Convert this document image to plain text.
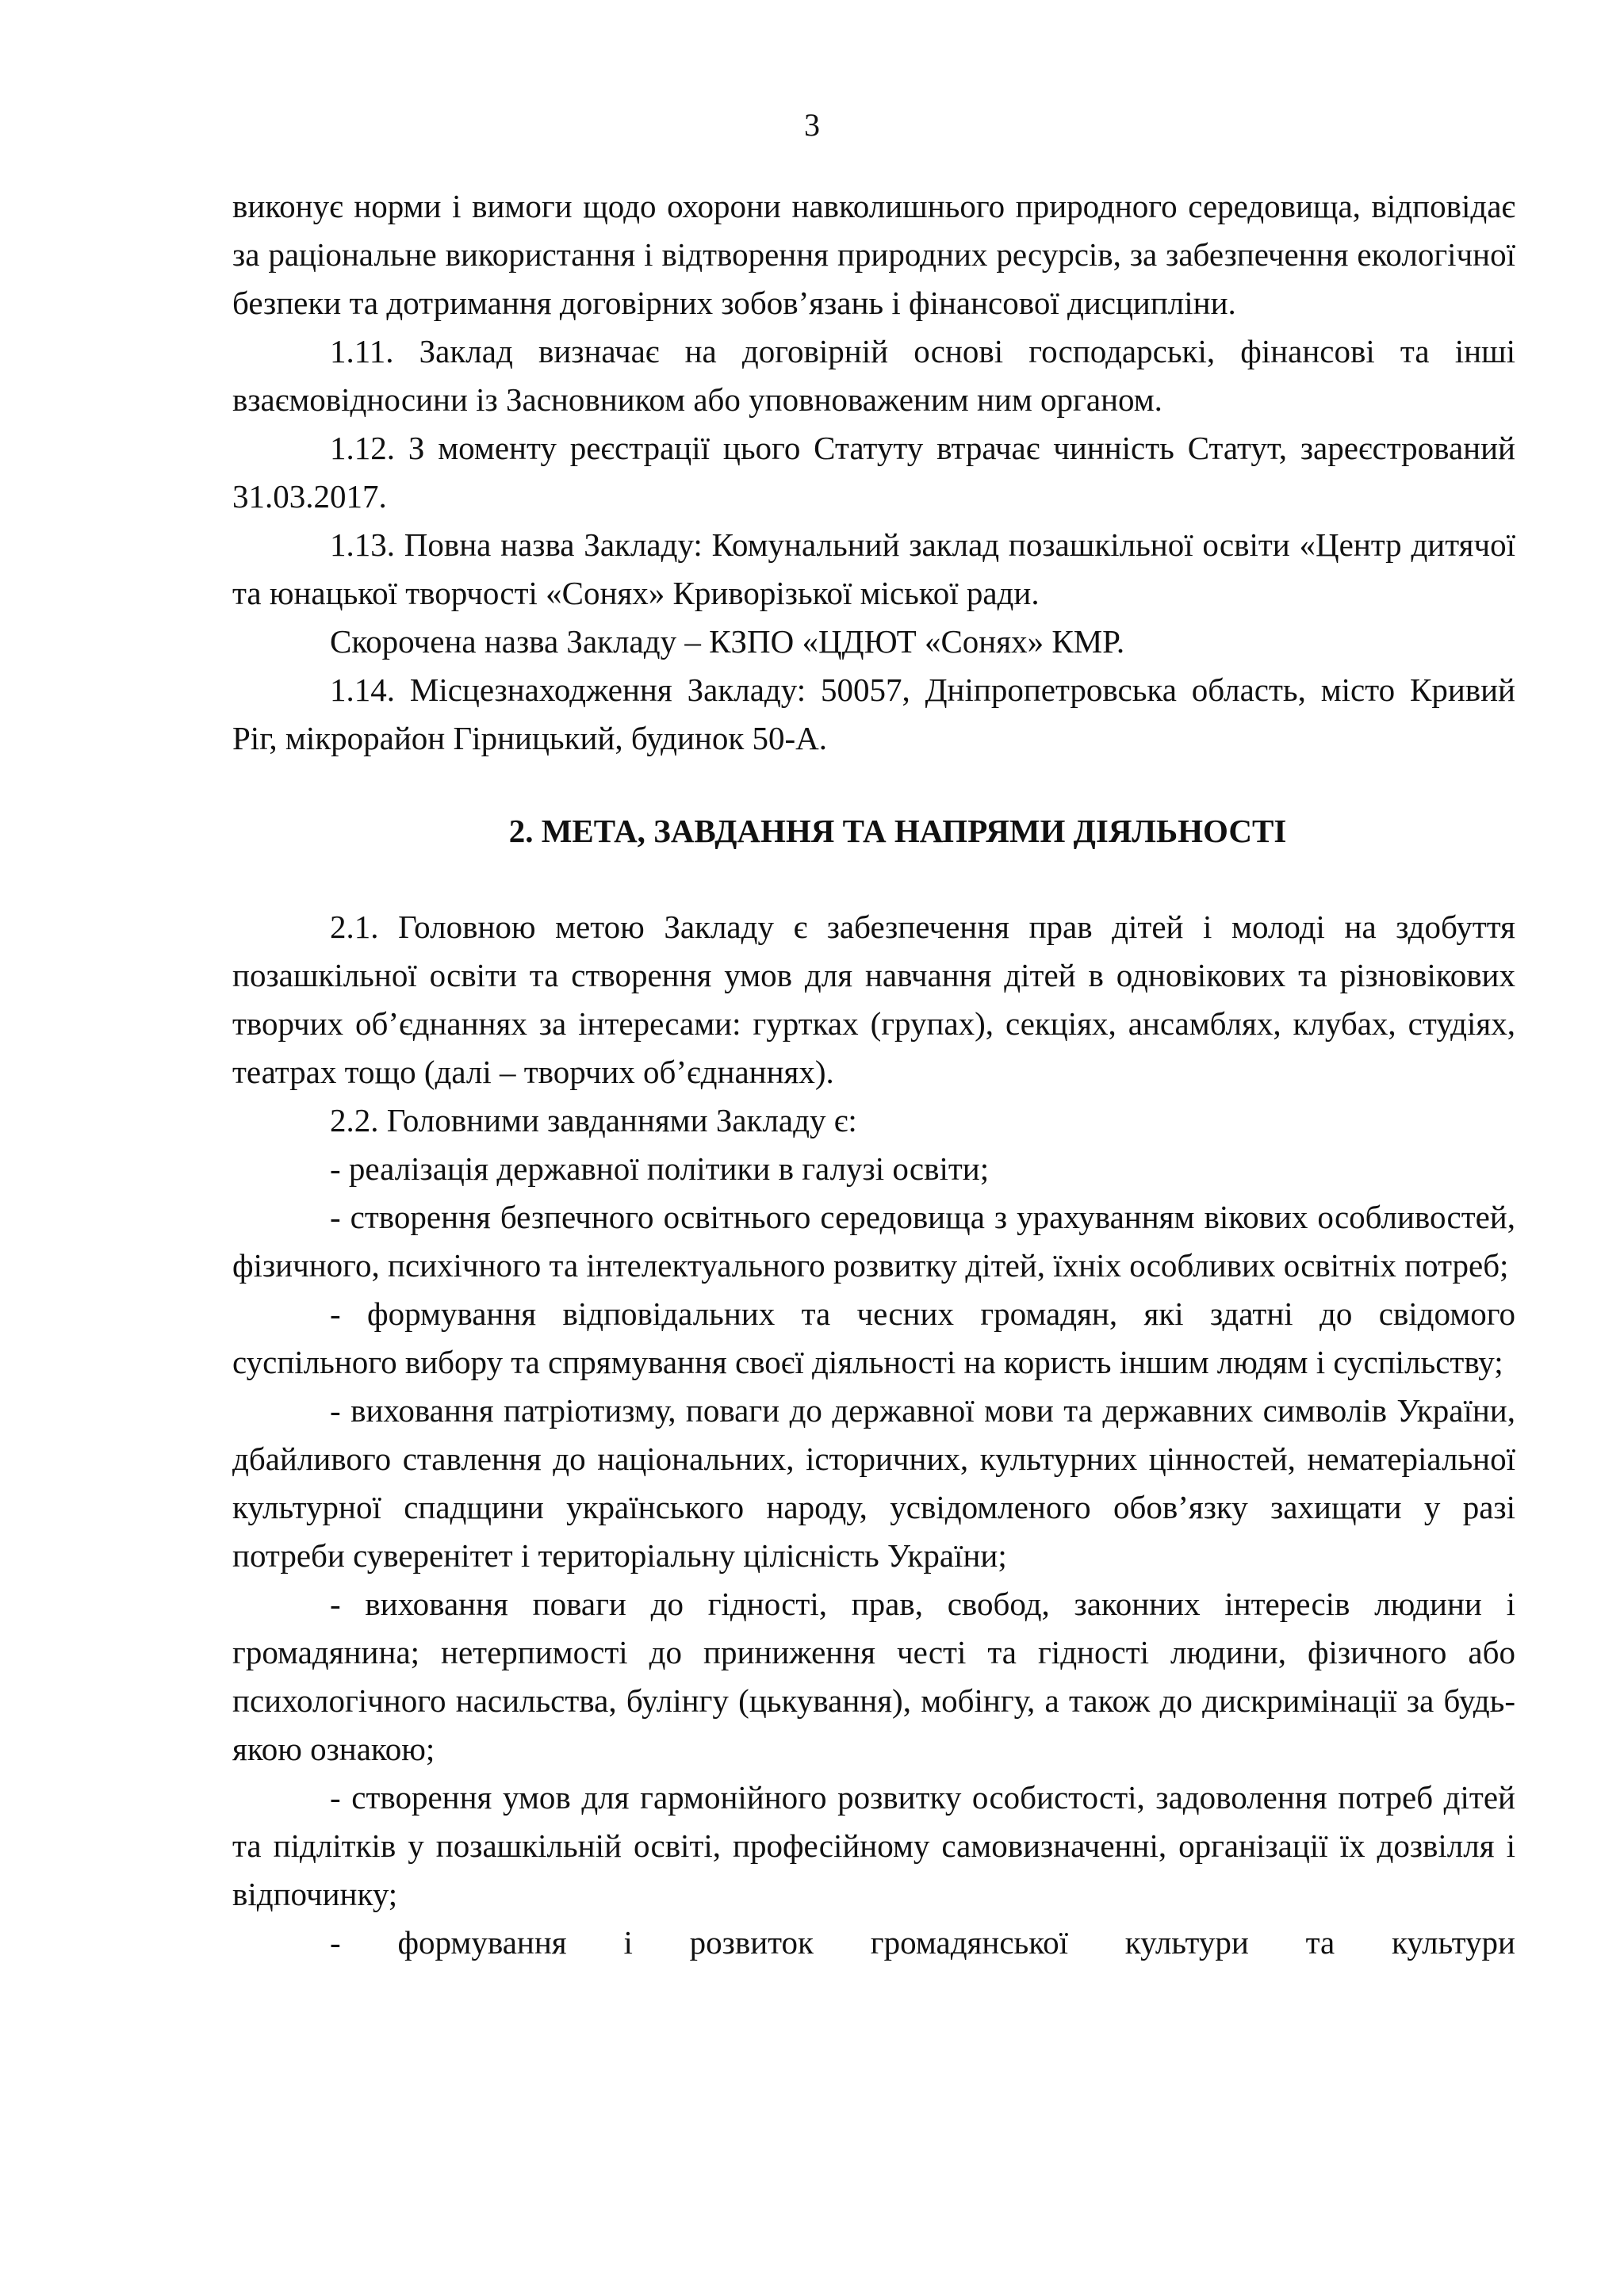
3

виконує норми і вимоги щодо охорони навколишнього природного середовища, відповідає за раціональне використання і відтворення природних ресурсів, за забезпечення екологічної безпеки та дотримання договірних зобов’язань і фінансової дисципліни.

1.11. Заклад визначає на договірній основі господарські, фінансові та інші взаємовідносини із Засновником або уповноваженим ним органом.

1.12. З моменту реєстрації цього Статуту втрачає чинність Статут, зареєстрований 31.03.2017.

1.13. Повна назва Закладу: Комунальний заклад позашкільної освіти «Центр дитячої та юнацької творчості «Сонях» Криворізької міської ради.

Скорочена назва Закладу – КЗПО «ЦДЮТ «Сонях» КМР.

1.14. Місцезнаходження Закладу: 50057, Дніпропетровська область, місто Кривий Ріг, мікрорайон Гірницький, будинок 50-А.

2. МЕТА, ЗАВДАННЯ ТА НАПРЯМИ ДІЯЛЬНОСТІ

2.1. Головною метою Закладу є забезпечення прав дітей і молоді на здобуття позашкільної освіти та створення умов для навчання дітей в одновікових та різновікових творчих об’єднаннях за інтересами: гуртках (групах), секціях, ансамблях, клубах, студіях, театрах тощо (далі – творчих об’єднаннях).

2.2. Головними завданнями Закладу є:

- реалізація державної політики в галузі освіти;

- створення безпечного освітнього середовища з урахуванням вікових особливостей, фізичного, психічного та інтелектуального розвитку дітей, їхніх особливих освітніх потреб;

- формування відповідальних та чесних громадян, які здатні до свідомого суспільного вибору та спрямування своєї діяльності на користь іншим людям і суспільству;

- виховання патріотизму, поваги до державної мови та державних символів України, дбайливого ставлення до національних, історичних, культурних цінностей, нематеріальної культурної спадщини українського народу, усвідомленого обов’язку захищати у разі потреби суверенітет і територіальну цілісність України;

- виховання поваги до гідності, прав, свобод, законних інтересів людини і громадянина; нетерпимості до приниження честі та гідності людини, фізичного або психологічного насильства, булінгу (цькування), мобінгу, а також до дискримінації за будь-якою ознакою;

- створення умов для гармонійного розвитку особистості, задоволення потреб дітей та підлітків у позашкільній освіті, професійному самовизначенні, організації їх дозвілля і відпочинку;

- формування і розвиток громадянської культури та культури
